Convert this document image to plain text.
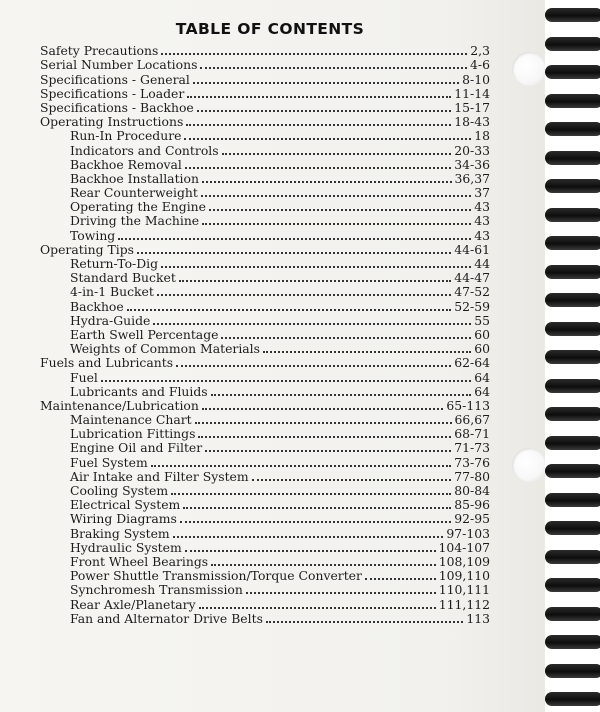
TABLE OF CONTENTS
Safety Precautions	2,3
Serial Number Locations	4-6
Specifications - General	8-10
Specifications - Loader	11-14
Specifications - Backhoe	15-17
Operating Instructions	18-43
Run-In Procedure	18
Indicators and Controls	20-33
Backhoe Removal	34-36
Backhoe Installation	36,37
Rear Counterweight	37
Operating the Engine	43
Driving the Machine	43
Towing	43
Operating Tips	44-61
Return-To-Dig	44
Standard Bucket	44-47
4-in-1 Bucket	47-52
Backhoe	52-59
Hydra-Guide	55
Earth Swell Percentage	60
Weights of Common Materials	60
Fuels and Lubricants	62-64
Fuel	64
Lubricants and Fluids	64
Maintenance/Lubrication	65-113
Maintenance Chart	66,67
Lubrication Fittings	68-71
Engine Oil and Filter	71-73
Fuel System	73-76
Air Intake and Filter System	77-80
Cooling System	80-84
Electrical System	85-96
Wiring Diagrams	92-95
Braking System	97-103
Hydraulic System	104-107
Front Wheel Bearings	108,109
Power Shuttle Transmission/Torque Converter	109,110
Synchromesh Transmission	110,111
Rear Axle/Planetary	111,112
Fan and Alternator Drive Belts	113
